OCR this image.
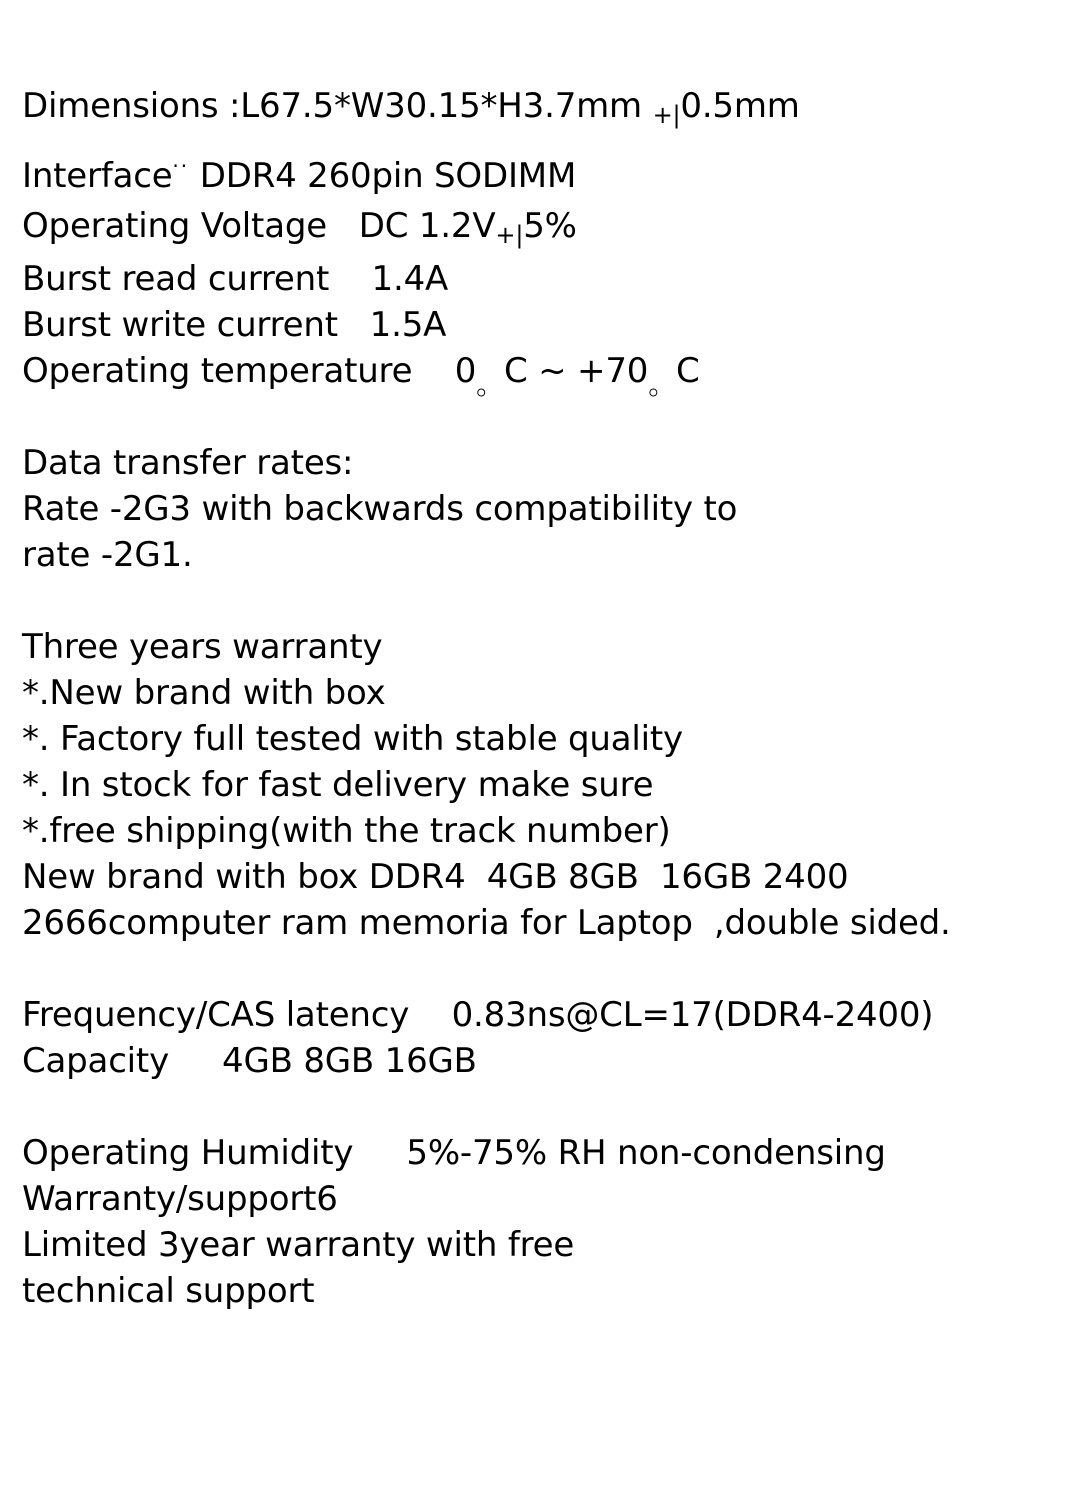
Dimensions :L67.5*W30.15*H3.7mm +|0.5mm
Interface·· DDR4 260pin SODIMM
Operating Voltage   DC 1.2V+|5%
Burst read current    1.4A
Burst write current   1.5A
Operating temperature    $0_。C$ ~ $+70_。C$
Data transfer rates:
Rate -2G3 with backwards compatibility to
rate -2G1.
Three years warranty
*.New brand with box
*. Factory full tested with stable quality
*. In stock for fast delivery make sure
*.free shipping(with the track number)
New brand with box DDR4  4GB 8GB  16GB 2400
2666computer ram memoria for Laptop  ,double sided.
Frequency/CAS latency    0.83ns@CL=17(DDR4-2400)
Capacity     4GB 8GB 16GB
Operating Humidity     5%-75% RH non-condensing
Warranty/support6
Limited 3year warranty with free
technical support
